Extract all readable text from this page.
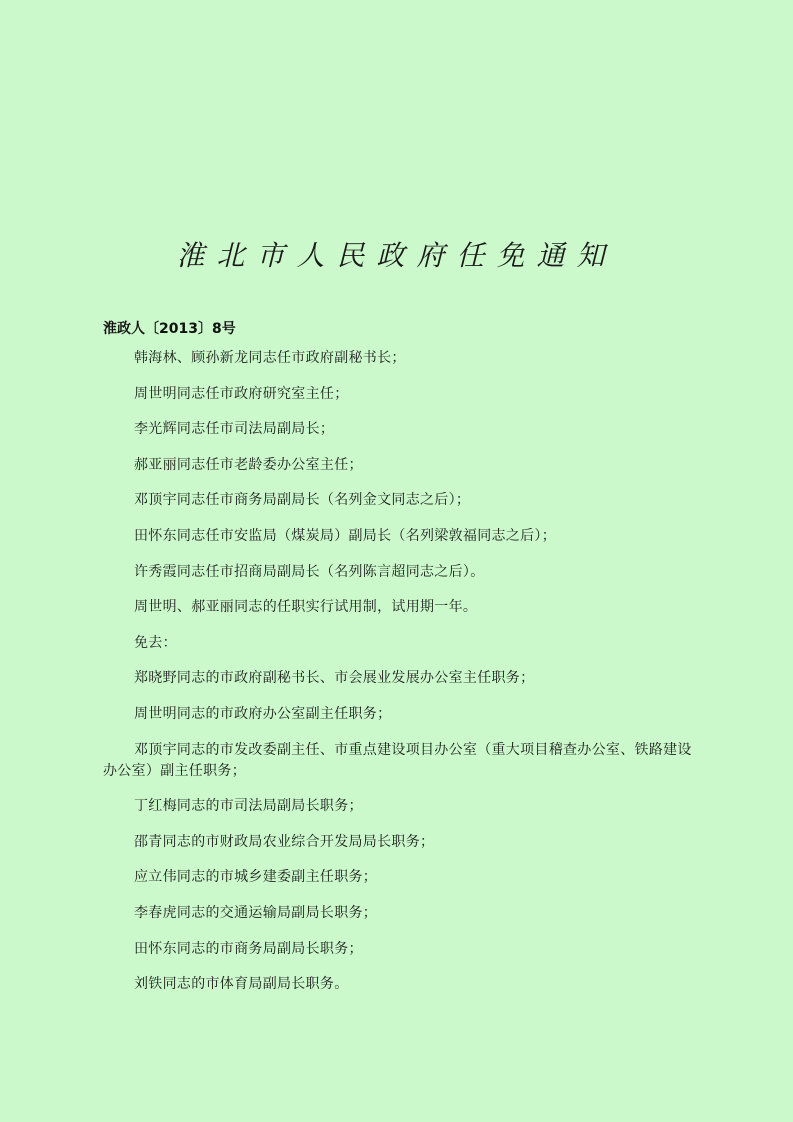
淮北市人民政府任免通知
淮政人〔2013〕8号

韩海林、顾孙新龙同志任市政府副秘书长；

周世明同志任市政府研究室主任；

李光辉同志任市司法局副局长；

郝亚丽同志任市老龄委办公室主任；

邓顶宇同志任市商务局副局长（名列金文同志之后）；

田怀东同志任市安监局（煤炭局）副局长（名列梁敦福同志之后）；

许秀霞同志任市招商局副局长（名列陈言超同志之后）。

周世明、郝亚丽同志的任职实行试用制，试用期一年。

免去：

郑晓野同志的市政府副秘书长、市会展业发展办公室主任职务；

周世明同志的市政府办公室副主任职务；

邓顶宇同志的市发改委副主任、市重点建设项目办公室（重大项目稽查办公室、铁路建设办公室）副主任职务；

丁红梅同志的市司法局副局长职务；

邵青同志的市财政局农业综合开发局局长职务；

应立伟同志的市城乡建委副主任职务；

李春虎同志的交通运输局副局长职务；

田怀东同志的市商务局副局长职务；

刘铁同志的市体育局副局长职务。
